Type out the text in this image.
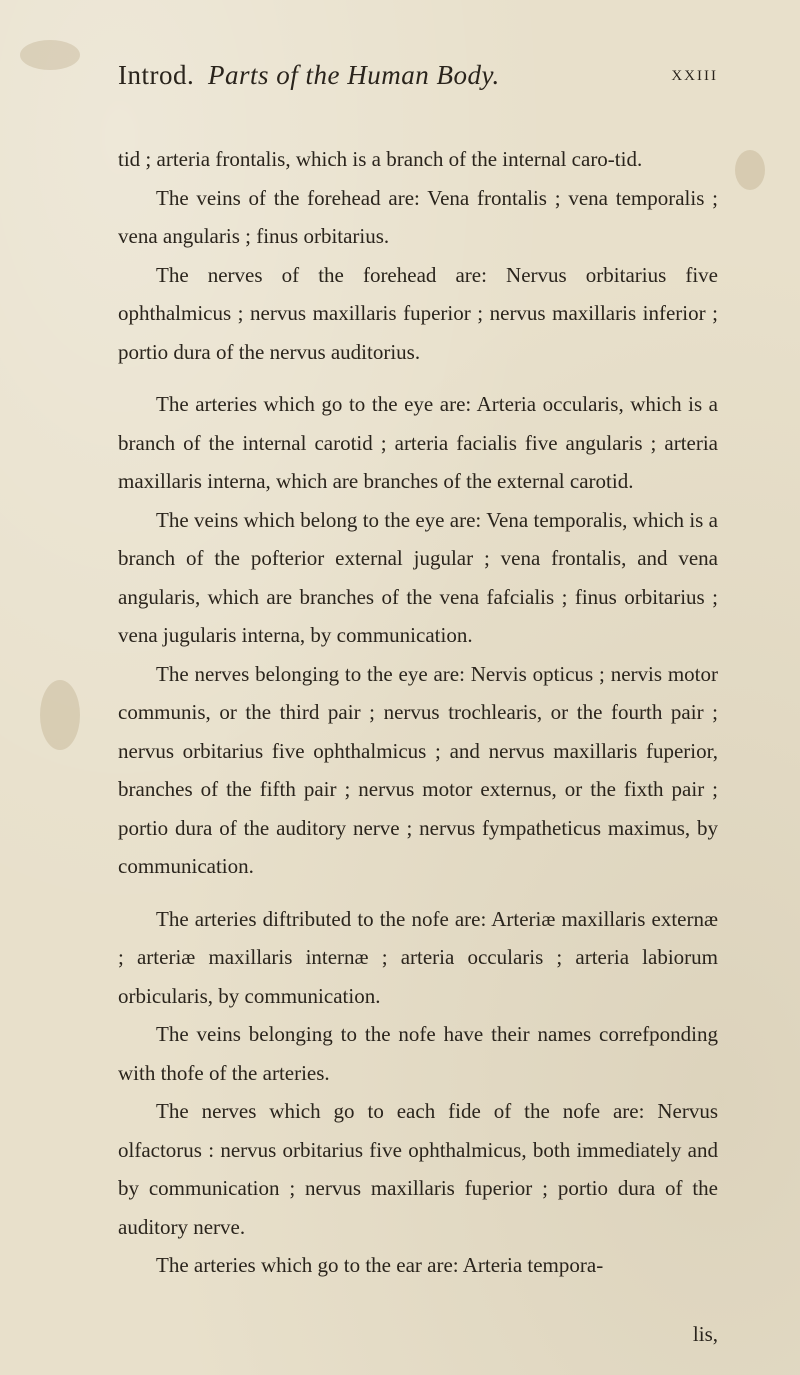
Introd. Parts of the Human Body.	xxiii

tid ; arteria frontalis, which is a branch of the internal caro-tid.

The veins of the forehead are: Vena frontalis ; vena temporalis ; vena angularis ; finus orbitarius.

The nerves of the forehead are: Nervus orbitarius five ophthalmicus ; nervus maxillaris fuperior ; nervus maxillaris inferior ; portio dura of the nervus auditorius.

The arteries which go to the eye are: Arteria occularis, which is a branch of the internal carotid ; arteria facialis five angularis ; arteria maxillaris interna, which are branches of the external carotid.

The veins which belong to the eye are: Vena temporalis, which is a branch of the pofterior external jugular ; vena frontalis, and vena angularis, which are branches of the vena fafcialis ; finus orbitarius ; vena jugularis interna, by communication.

The nerves belonging to the eye are: Nervis opticus ; nervis motor communis, or the third pair ; nervus trochlearis, or the fourth pair ; nervus orbitarius five ophthalmicus ; and nervus maxillaris fuperior, branches of the fifth pair ; nervus motor externus, or the fixth pair ; portio dura of the auditory nerve ; nervus fympatheticus maximus, by communication.

The arteries diftributed to the nofe are: Arteriæ maxillaris externæ ; arteriæ maxillaris internæ ; arteria occularis ; arteria labiorum orbicularis, by communication.

The veins belonging to the nofe have their names correfponding with thofe of the arteries.

The nerves which go to each fide of the nofe are: Nervus olfactorus : nervus orbitarius five ophthalmicus, both immediately and by communication ; nervus maxillaris fuperior ; portio dura of the auditory nerve.

The arteries which go to the ear are: Arteria tempora-

lis,
